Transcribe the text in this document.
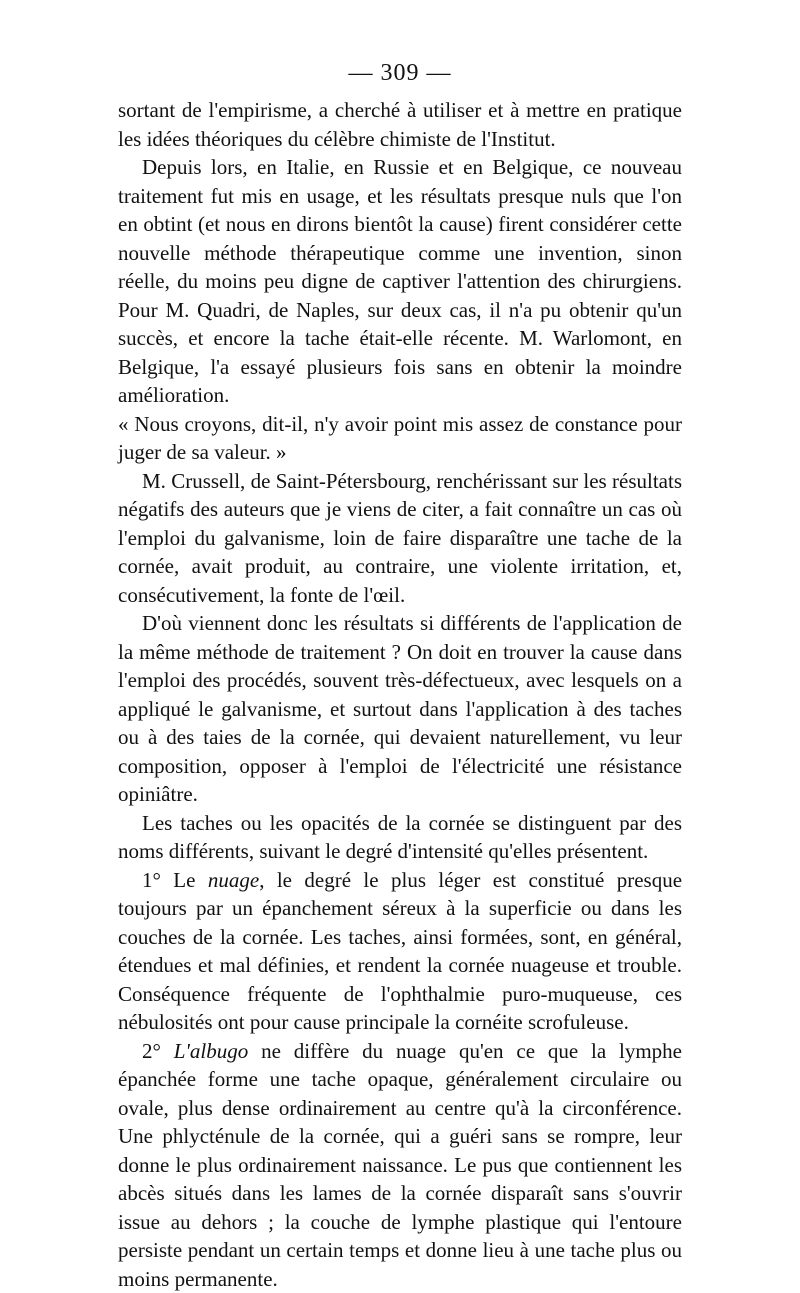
— 309 —

sortant de l'empirisme, a cherché à utiliser et à mettre en pratique les idées théoriques du célèbre chimiste de l'Institut.

Depuis lors, en Italie, en Russie et en Belgique, ce nouveau traitement fut mis en usage, et les résultats presque nuls que l'on en obtint (et nous en dirons bientôt la cause) firent considérer cette nouvelle méthode thérapeutique comme une invention, sinon réelle, du moins peu digne de captiver l'attention des chirurgiens. Pour M. Quadri, de Naples, sur deux cas, il n'a pu obtenir qu'un succès, et encore la tache était-elle récente. M. Warlomont, en Belgique, l'a essayé plusieurs fois sans en obtenir la moindre amélioration.

« Nous croyons, dit-il, n'y avoir point mis assez de constance pour juger de sa valeur. »

M. Crussell, de Saint-Pétersbourg, renchérissant sur les résultats négatifs des auteurs que je viens de citer, a fait connaître un cas où l'emploi du galvanisme, loin de faire disparaître une tache de la cornée, avait produit, au contraire, une violente irritation, et, consécutivement, la fonte de l'œil.

D'où viennent donc les résultats si différents de l'application de la même méthode de traitement ? On doit en trouver la cause dans l'emploi des procédés, souvent très-défectueux, avec lesquels on a appliqué le galvanisme, et surtout dans l'application à des taches ou à des taies de la cornée, qui devaient naturellement, vu leur composition, opposer à l'emploi de l'électricité une résistance opiniâtre.

Les taches ou les opacités de la cornée se distinguent par des noms différents, suivant le degré d'intensité qu'elles présentent.

1° Le nuage, le degré le plus léger est constitué presque toujours par un épanchement séreux à la superficie ou dans les couches de la cornée. Les taches, ainsi formées, sont, en général, étendues et mal définies, et rendent la cornée nuageuse et trouble. Conséquence fréquente de l'ophthalmie puro-muqueuse, ces nébulosités ont pour cause principale la cornéite scrofuleuse.

2° L'albugo ne diffère du nuage qu'en ce que la lymphe épanchée forme une tache opaque, généralement circulaire ou ovale, plus dense ordinairement au centre qu'à la circonférence. Une phlycténule de la cornée, qui a guéri sans se rompre, leur donne le plus ordinairement naissance. Le pus que contiennent les abcès situés dans les lames de la cornée disparaît sans s'ouvrir issue au dehors ; la couche de lymphe plastique qui l'entoure persiste pendant un certain temps et donne lieu à une tache plus ou moins permanente.
